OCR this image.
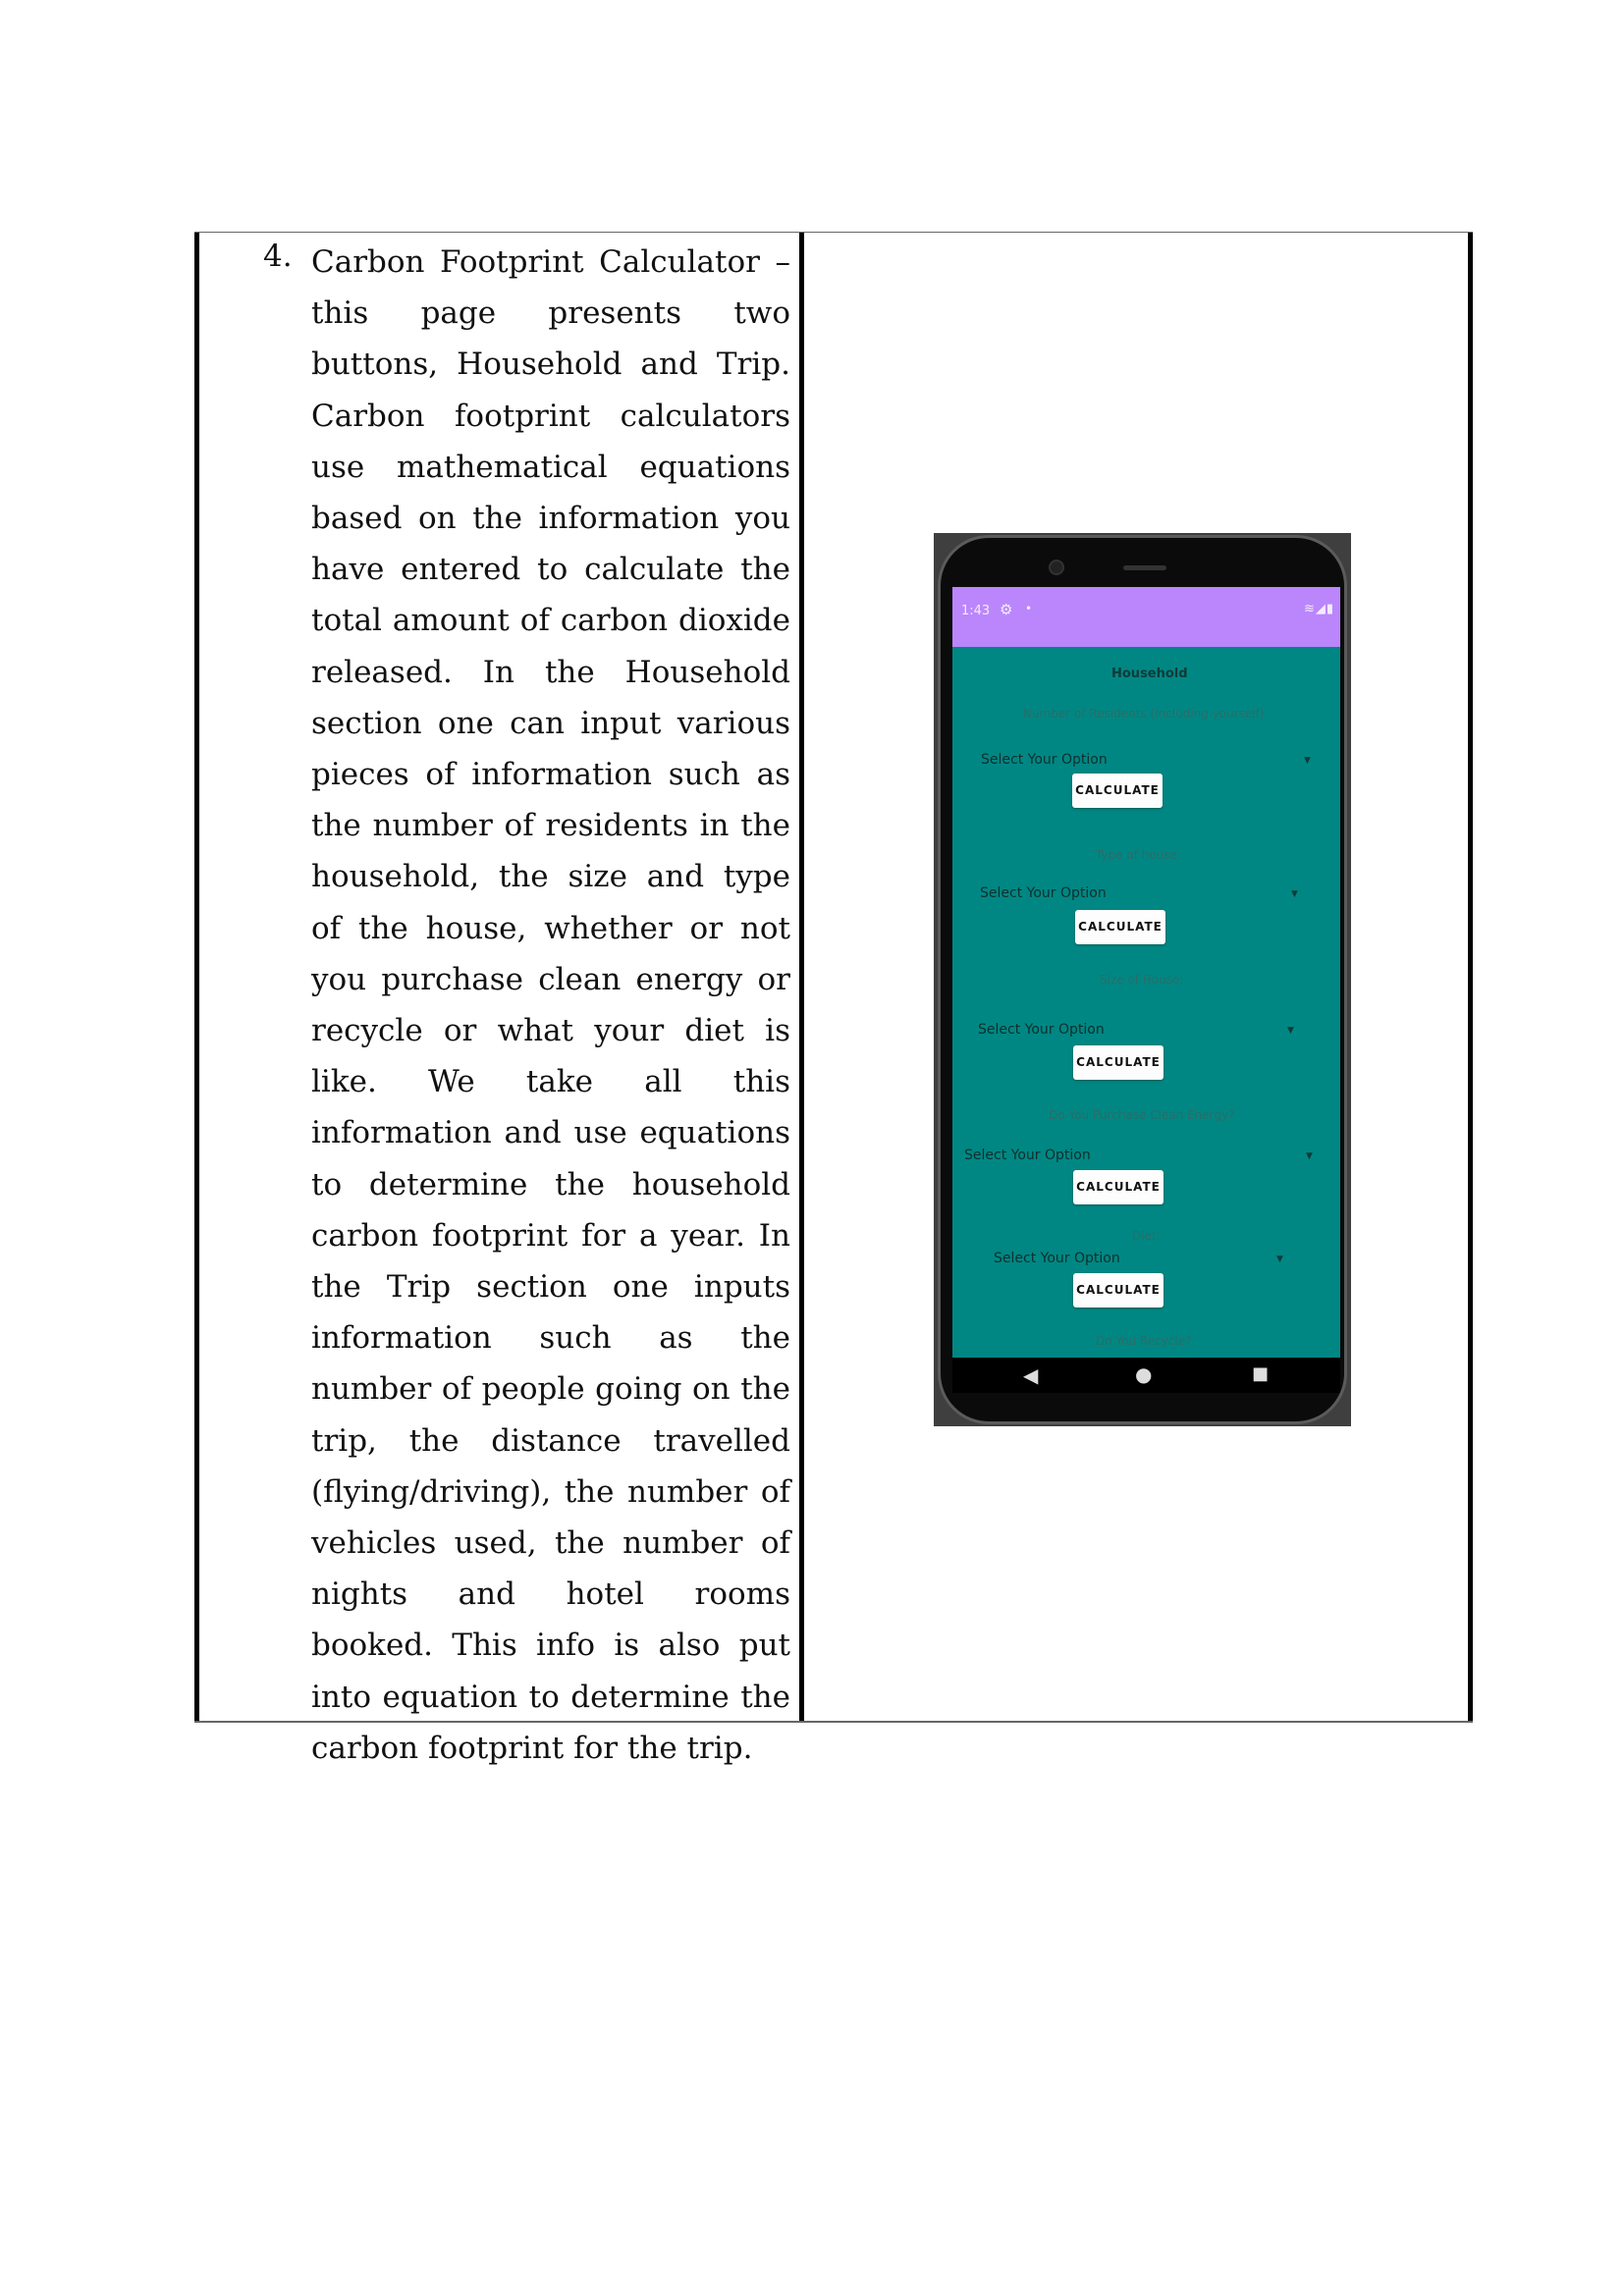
4. Carbon Footprint Calculator – this page presents two buttons, Household and Trip. Carbon footprint calculators use mathematical equations based on the information you have entered to calculate the total amount of carbon dioxide released. In the Household section one can input various pieces of information such as the number of residents in the household, the size and type of the house, whether or not you purchase clean energy or recycle or what your diet is like. We take all this information and use equations to determine the household carbon footprint for a year. In the Trip section one inputs information such as the number of people going on the trip, the distance travelled (flying/driving), the number of vehicles used, the number of nights and hotel rooms booked. This info is also put into equation to determine the carbon footprint for the trip.

1:43 ⚙ •	≋◢▮
Household
Number of Residents (including yourself)
Select Your Option	▼
CALCULATE
Type of house:
Select Your Option	▼
CALCULATE
Size of House:
Select Your Option	▼
CALCULATE
Do You Purchase Clean Energy?
Select Your Option	▼
CALCULATE
Diet:
Select Your Option	▼
CALCULATE
Do You Recycle?
◀	●	■
